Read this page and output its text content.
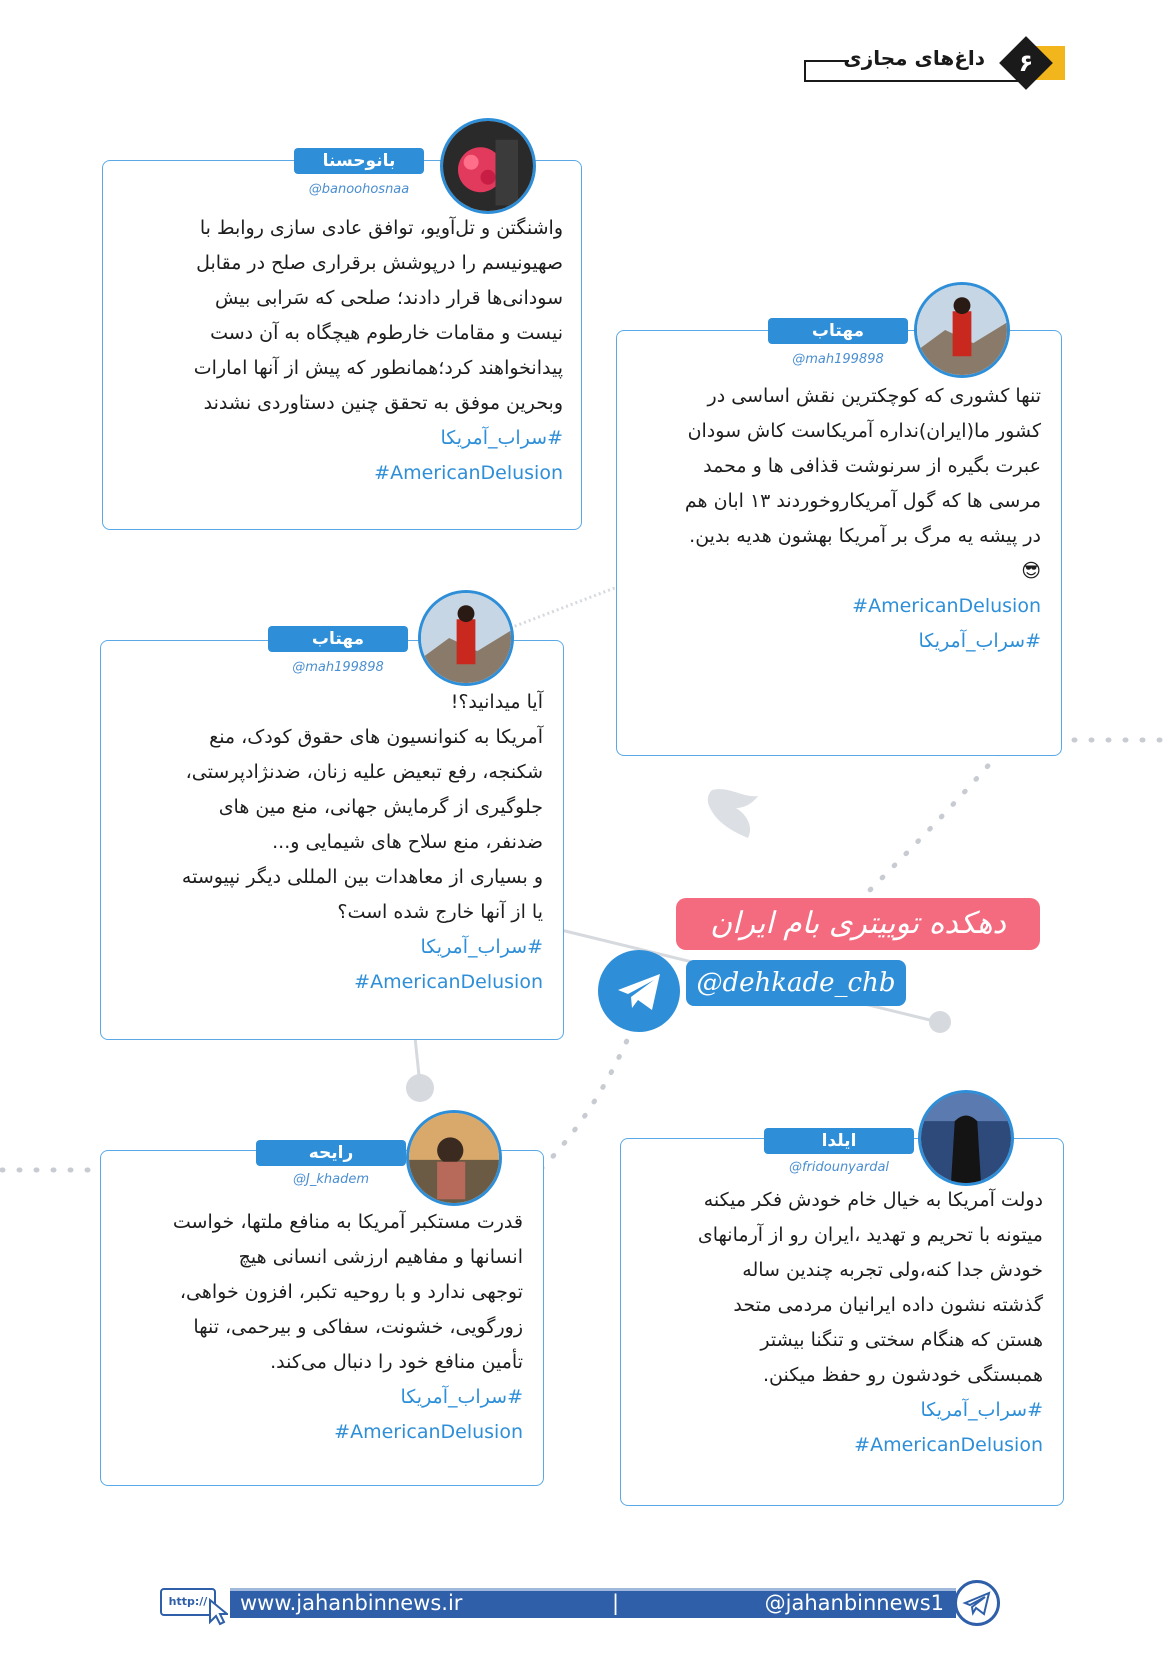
۶
داغ‌های مجازی
واشنگتن و تل‌آویو، توافق عادی سازی روابط با
صهیونیسم را درپوشش برقراری صلح در مقابل
سودانی‌ها قرار دادند؛ صلحی که سَرابی بیش
نیست و مقامات خارطوم هیچگاه به آن دست
پیدانخواهند کرد؛همانطور که پیش از آنها امارات
وبحرین موفق به تحقق چنین دستاوردی نشدند
#سراب_آمریکا
#AmericanDelusion
بانوحسنا
@banoohosnaa
تنها کشوری که کوچکترین نقش اساسی در
کشور ما(ایران)نداره آمریکاست کاش سودان
عبرت بگیره از سرنوشت قذافی ها و محمد
مرسی ها که گول آمریکاروخوردند ۱۳ ابان هم
در پیشه یه مرگ بر آمریکا بهشون هدیه بدین.
😎
#AmericanDelusion
#سراب_آمریکا
مهتاب
@mah199898
آیا میدانید؟!
آمریکا به کنوانسیون های حقوق کودک، منع
شکنجه، رفع تبعیض علیه زنان، ضدنژادپرستی،
جلوگیری از گرمایش جهانی، منع مین های
ضدنفر، منع سلاح های شیمایی و...
و بسیاری از معاهدات بین المللی دیگر نپیوسته
یا از آنها خارج شده است؟
#سراب_آمریکا
#AmericanDelusion
مهتاب
@mah199898
قدرت مستکبر آمریکا به منافع ملتها، خواست
انسانها و مفاهیم ارزشی انسانی هیچ
توجهی ندارد و با روحیه تکبر، افزون خواهی،
زورگویی، خشونت، سفاکی و بیرحمی، تنها
تأمین منافع خود را دنبال می‌کند.
#سراب_آمریکا
#AmericanDelusion
رایحه
@J_khadem
دولت آمریکا به خیال خام خودش فکر میکنه
میتونه با تحریم و تهدید ،ایران رو از آرمانهای
خودش جدا کنه،ولی تجربه چندین ساله
گذشته نشون داده ایرانیان مردمی متحد
هستن که هنگام سختی و تنگنا بیشتر
همبستگی خودشون رو حفظ میکنن.
#سراب_آمریکا
#AmericanDelusion
ایلدا
@fridounyardal
دهکده توییتری بام ایران
@dehkade_chb
http://	www.jahanbinnews.ir	|	@jahanbinnews1
